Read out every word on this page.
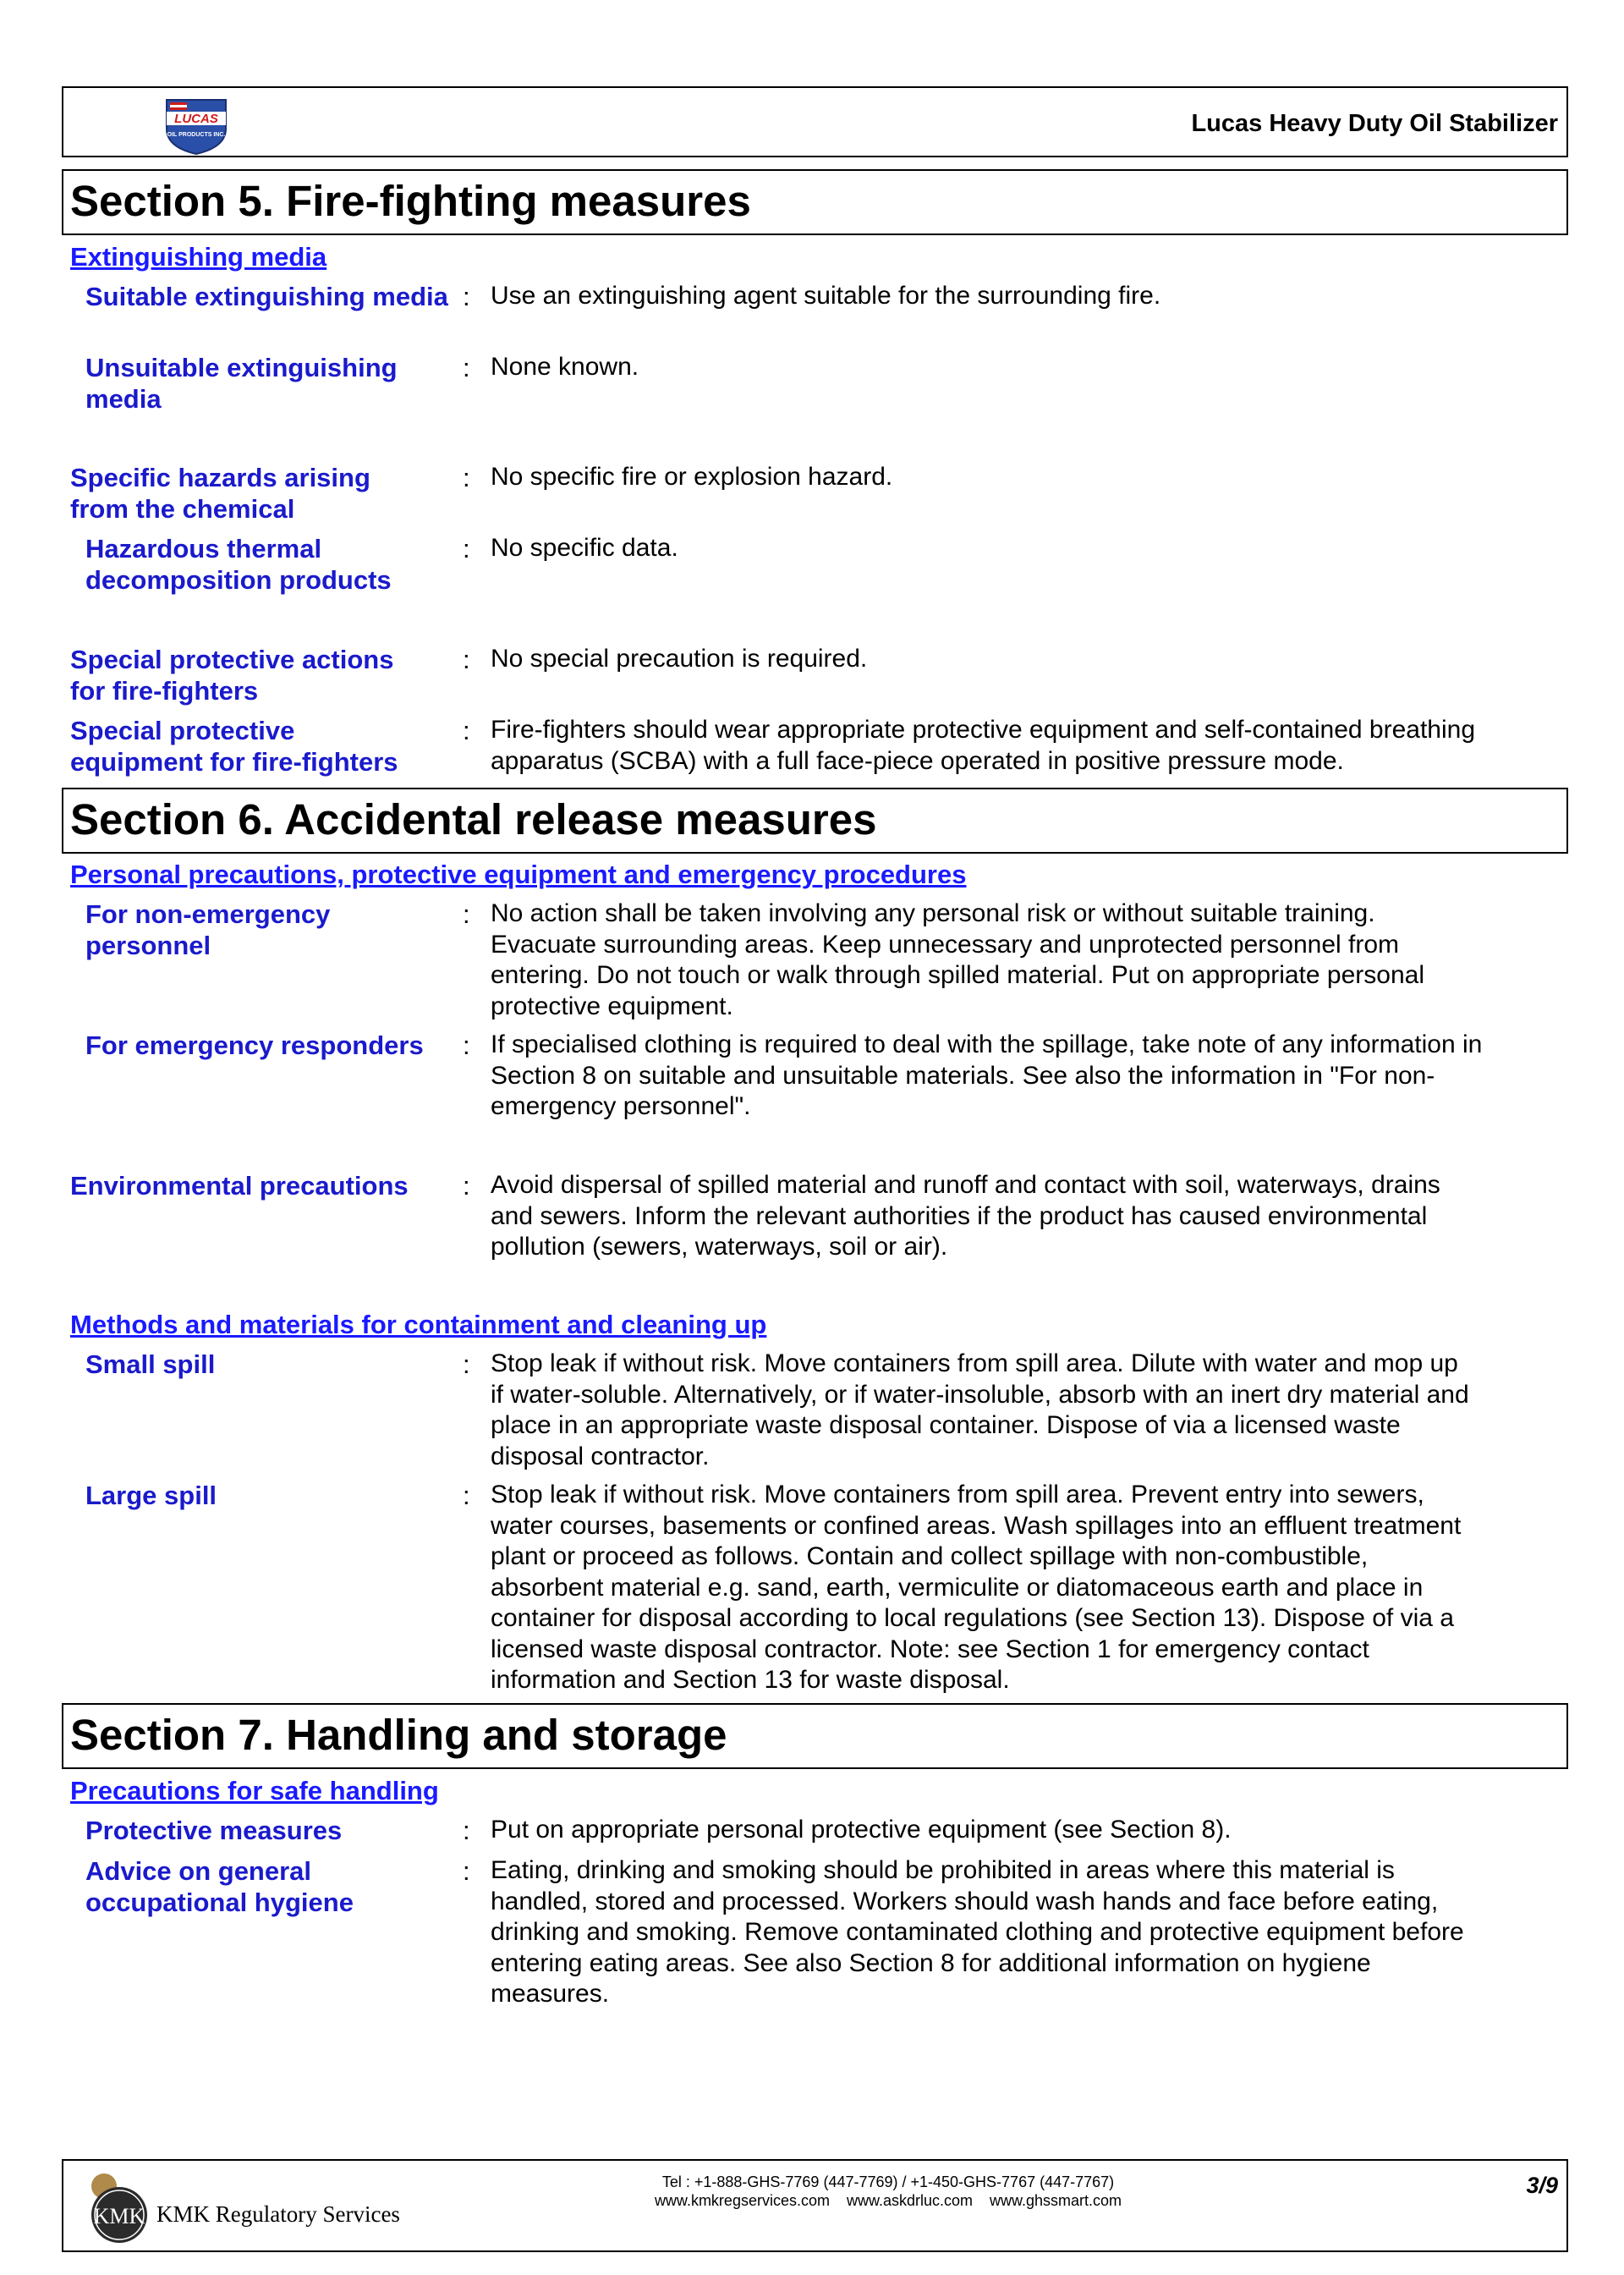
LUCAS
OIL PRODUCTS INC.	Lucas Heavy Duty Oil Stabilizer
Section 5. Fire-fighting measures
Extinguishing media
Suitable extinguishing media : Use an extinguishing agent suitable for the surrounding fire.
Unsuitable extinguishing media
: None known.
Specific hazards arising from the chemical
: No specific fire or explosion hazard.
Hazardous thermal decomposition products
: No specific data.
Special protective actions for fire-fighters
: No special precaution is required.
Special protective equipment for fire-fighters
: Fire-fighters should wear appropriate protective equipment and self-contained breathing
apparatus (SCBA) with a full face-piece operated in positive pressure mode.
Section 6. Accidental release measures
Personal precautions, protective equipment and emergency procedures
For non-emergency personnel
: No action shall be taken involving any personal risk or without suitable training.
Evacuate surrounding areas. Keep unnecessary and unprotected personnel from
entering. Do not touch or walk through spilled material. Put on appropriate personal
protective equipment.
For emergency responders	: If specialised clothing is required to deal with the spillage, take note of any information in
Section 8 on suitable and unsuitable materials. See also the information in "For non-
emergency personnel".
Environmental precautions	: Avoid dispersal of spilled material and runoff and contact with soil, waterways, drains
and sewers. Inform the relevant authorities if the product has caused environmental
pollution (sewers, waterways, soil or air).
Methods and materials for containment and cleaning up
Small spill	: Stop leak if without risk. Move containers from spill area. Dilute with water and mop up
if water-soluble. Alternatively, or if water-insoluble, absorb with an inert dry material and
place in an appropriate waste disposal container. Dispose of via a licensed waste
disposal contractor.
Large spill	: Stop leak if without risk. Move containers from spill area. Prevent entry into sewers,
water courses, basements or confined areas. Wash spillages into an effluent treatment
plant or proceed as follows. Contain and collect spillage with non-combustible,
absorbent material e.g. sand, earth, vermiculite or diatomaceous earth and place in
container for disposal according to local regulations (see Section 13). Dispose of via a
licensed waste disposal contractor. Note: see Section 1 for emergency contact
information and Section 13 for waste disposal.
Section 7. Handling and storage
Precautions for safe handling
Protective measures	: Put on appropriate personal protective equipment (see Section 8).
Advice on general occupational hygiene
: Eating, drinking and smoking should be prohibited in areas where this material is
handled, stored and processed. Workers should wash hands and face before eating,
drinking and smoking. Remove contaminated clothing and protective equipment before
entering eating areas. See also Section 8 for additional information on hygiene
measures.
KMK KMK Regulatory Services
Tel : +1-888-GHS-7769 (447-7769) / +1-450-GHS-7767 (447-7767)
www.kmkregservices.com    www.askdrluc.com    www.ghssmart.com
3/9
